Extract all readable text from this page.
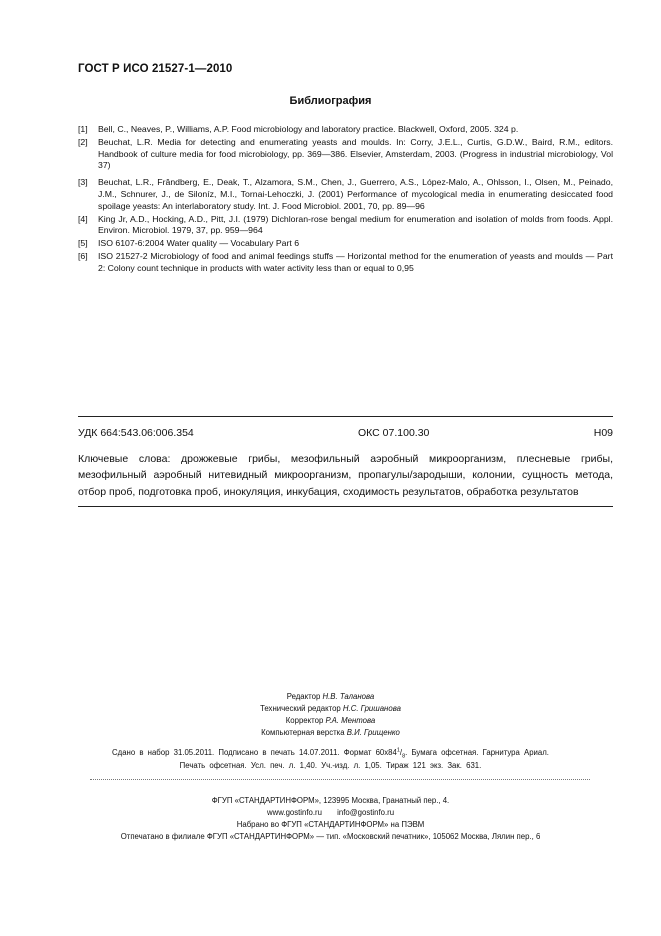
ГОСТ Р ИСО 21527-1—2010
Библиография
[1]	Bell, C., Neaves, P., Williams, A.P. Food microbiology and laboratory practice. Blackwell, Oxford, 2005. 324 p.
[2]	Beuchat, L.R. Media for detecting and enumerating yeasts and moulds. In: Corry, J.E.L., Curtis, G.D.W., Baird, R.M., editors. Handbook of culture media for food microbiology, pp. 369—386. Elsevier, Amsterdam, 2003. (Progress in industrial microbiology, Vol 37)
[3]	Beuchat, L.R., Frândberg, E., Deak, T., Alzamora, S.M., Chen, J., Guerrero, A.S., López-Malo, A., Ohlsson, I., Olsen, M., Peinado, J.M., Schnurer, J., de Siloníz, M.I., Tornai-Lehoczki, J. (2001) Performance of mycological media in enumerating desiccated food spoilage yeasts: An interlaboratory study. Int. J. Food Microbiol. 2001, 70, pp. 89—96
[4]	King Jr, A.D., Hocking, A.D., Pitt, J.I. (1979) Dichloran-rose bengal medium for enumeration and isolation of molds from foods. Appl. Environ. Microbiol. 1979, 37, pp. 959—964
[5]	ISO 6107-6:2004 Water quality — Vocabulary Part 6
[6]	ISO 21527-2 Microbiology of food and animal feedings stuffs — Horizontal method for the enumeration of yeasts and moulds — Part 2: Colony count technique in products with water activity less than or equal to 0,95
УДК 664:543.06:006.354	ОКС 07.100.30	Н09
Ключевые слова: дрожжевые грибы, мезофильный аэробный микроорганизм, плесневые грибы, мезофильный аэробный нитевидный микроорганизм, пропагулы/зародыши, колонии, сущность метода, отбор проб, подготовка проб, инокуляция, инкубация, сходимость результатов, обработка результатов
Редактор Н.В. Таланова
Технический редактор Н.С. Гришанова
Корректор Р.А. Ментова
Компьютерная верстка В.И. Грищенко
Сдано в набор 31.05.2011. Подписано в печать 14.07.2011. Формат $60х84^1/_8$. Бумага офсетная. Гарнитура Ариал.
Печать офсетная. Усл. печ. л. 1,40. Уч.-изд. л. 1,05. Тираж 121 экз. Зак. 631.
ФГУП «СТАНДАРТИНФОРМ», 123995 Москва, Гранатный пер., 4.
www.gostinfo.ru info@gostinfo.ru
Набрано во ФГУП «СТАНДАРТИНФОРМ» на ПЭВМ
Отпечатано в филиале ФГУП «СТАНДАРТИНФОРМ» — тип. «Московский печатник», 105062 Москва, Лялин пер., 6
